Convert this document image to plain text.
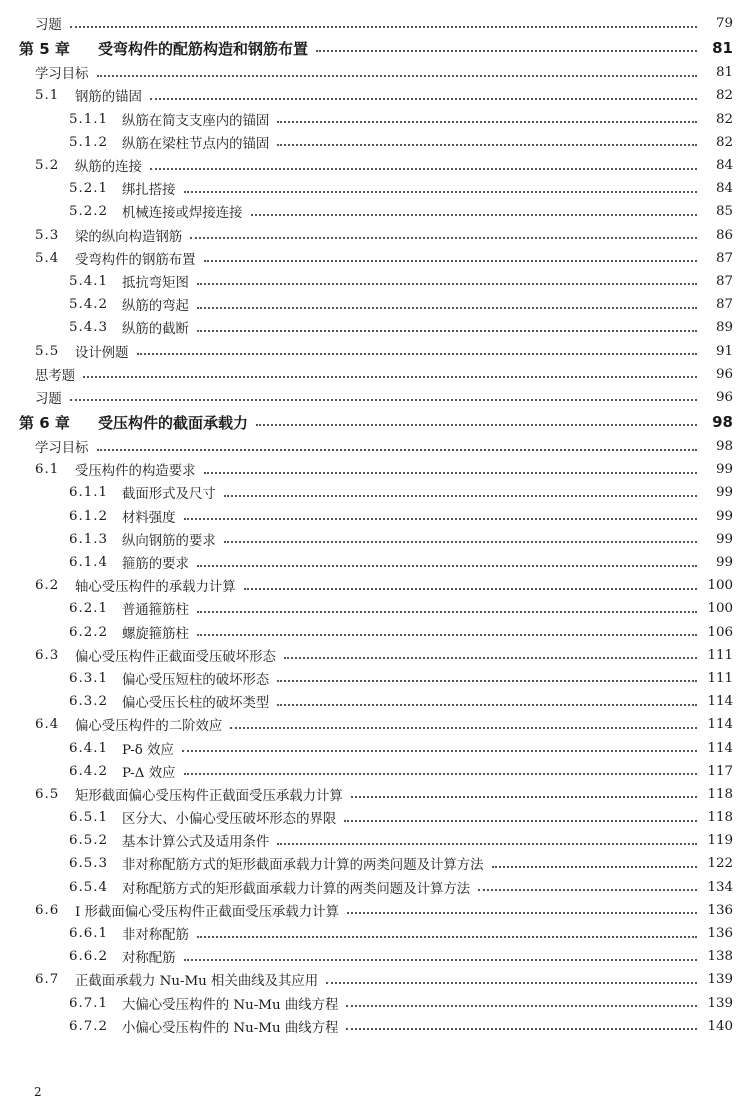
习题	79
第 5 章	受弯构件的配筋构造和钢筋布置	81
学习目标	81
5.1	钢筋的锚固	82
5.1.1	纵筋在简支支座内的锚固	82
5.1.2	纵筋在梁柱节点内的锚固	82
5.2	纵筋的连接	84
5.2.1	绑扎搭接	84
5.2.2	机械连接或焊接连接	85
5.3	梁的纵向构造钢筋	86
5.4	受弯构件的钢筋布置	87
5.4.1	抵抗弯矩图	87
5.4.2	纵筋的弯起	87
5.4.3	纵筋的截断	89
5.5	设计例题	91
思考题	96
习题	96
第 6 章	受压构件的截面承载力	98
学习目标	98
6.1	受压构件的构造要求	99
6.1.1	截面形式及尺寸	99
6.1.2	材料强度	99
6.1.3	纵向钢筋的要求	99
6.1.4	箍筋的要求	99
6.2	轴心受压构件的承载力计算	100
6.2.1	普通箍筋柱	100
6.2.2	螺旋箍筋柱	106
6.3	偏心受压构件正截面受压破坏形态	111
6.3.1	偏心受压短柱的破坏形态	111
6.3.2	偏心受压长柱的破坏类型	114
6.4	偏心受压构件的二阶效应	114
6.4.1	P-δ 效应	114
6.4.2	P-Δ 效应	117
6.5	矩形截面偏心受压构件正截面受压承载力计算	118
6.5.1	区分大、小偏心受压破坏形态的界限	118
6.5.2	基本计算公式及适用条件	119
6.5.3	非对称配筋方式的矩形截面承载力计算的两类问题及计算方法	122
6.5.4	对称配筋方式的矩形截面承载力计算的两类问题及计算方法	134
6.6	I 形截面偏心受压构件正截面受压承载力计算	136
6.6.1	非对称配筋	136
6.6.2	对称配筋	138
6.7	正截面承载力 Nu-Mu 相关曲线及其应用	139
6.7.1	大偏心受压构件的 Nu-Mu 曲线方程	139
6.7.2	小偏心受压构件的 Nu-Mu 曲线方程	140
2
